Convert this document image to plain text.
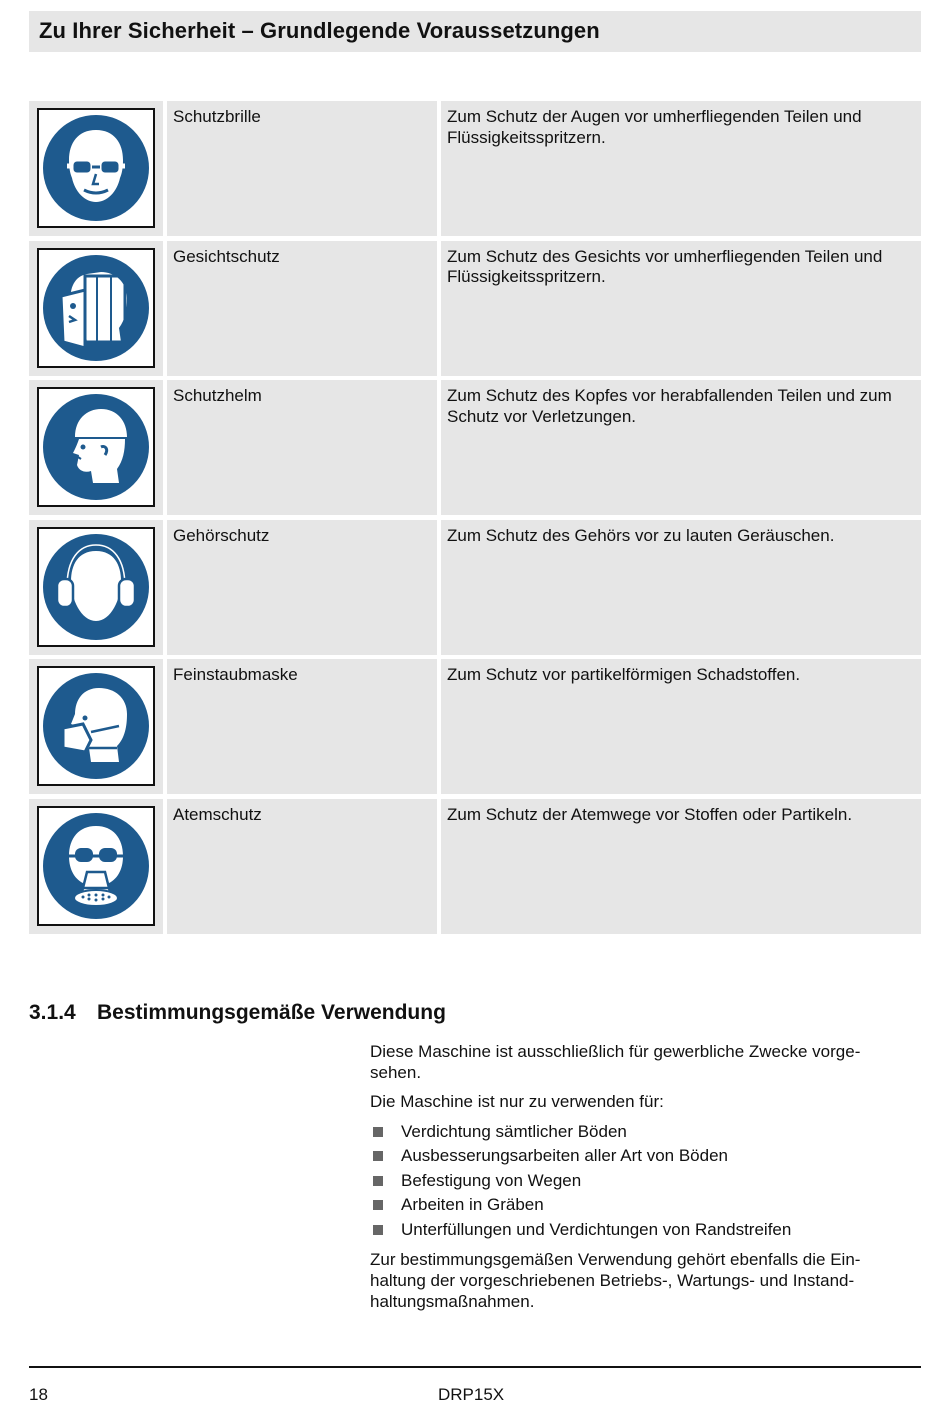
Zu Ihrer Sicherheit – Grundlegende Voraussetzungen
Schutzbrille	Zum Schutz der Augen vor umherfliegenden Teilen und Flüssigkeitsspritzern.
Gesichtschutz	Zum Schutz des Gesichts vor umherfliegenden Teilen und Flüssigkeitsspritzern.
Schutzhelm	Zum Schutz des Kopfes vor herabfallenden Teilen und zum Schutz vor Verletzungen.
Gehörschutz	Zum Schutz des Gehörs vor zu lauten Geräuschen.
Feinstaubmaske	Zum Schutz vor partikelförmigen Schadstoffen.
Atemschutz	Zum Schutz der Atemwege vor Stoffen oder Partikeln.
3.1.4 Bestimmungsgemäße Verwendung

Diese Maschine ist ausschließlich für gewerbliche Zwecke vorge-sehen.

Die Maschine ist nur zu verwenden für:

Verdichtung sämtlicher Böden
Ausbesserungsarbeiten aller Art von Böden
Befestigung von Wegen
Arbeiten in Gräben
Unterfüllungen und Verdichtungen von Randstreifen

Zur bestimmungsgemäßen Verwendung gehört ebenfalls die Ein-haltung der vorgeschriebenen Betriebs-, Wartungs- und Instand-haltungsmaßnahmen.

18	DRP15X
